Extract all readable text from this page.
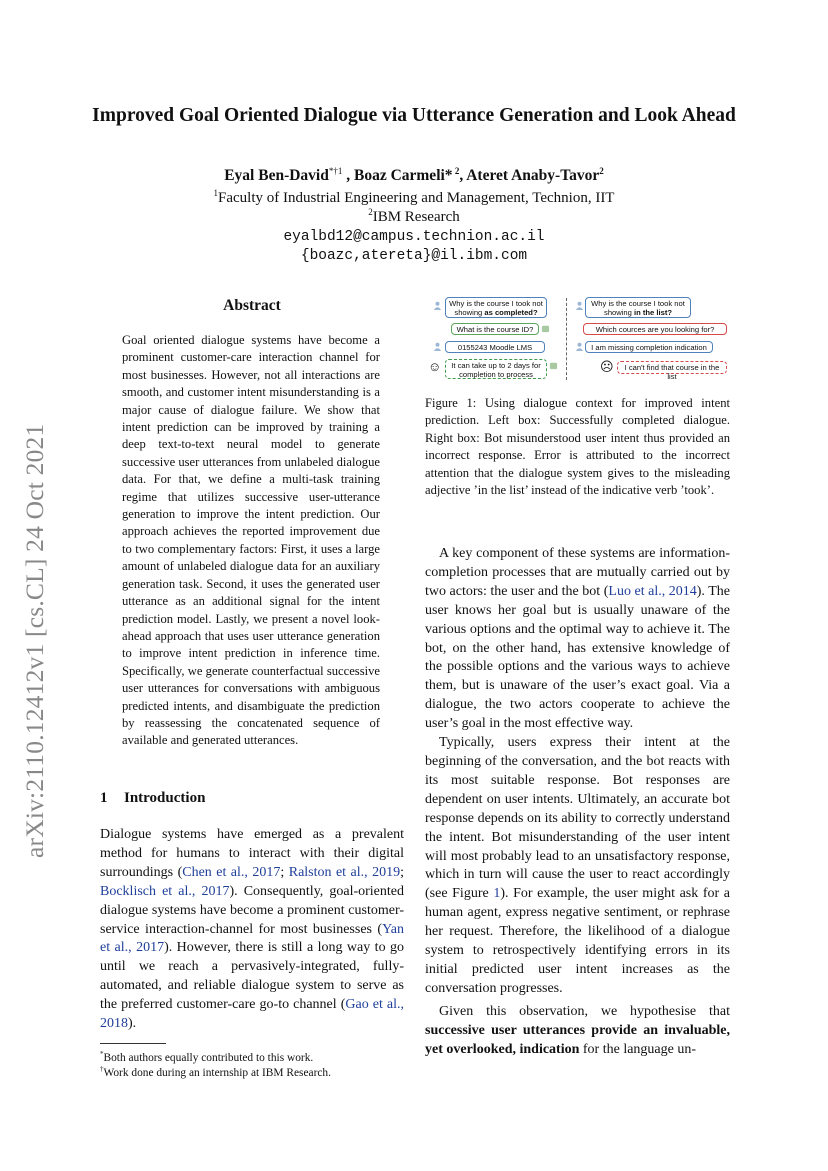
arXiv:2110.12412v1 [cs.CL] 24 Oct 2021
Improved Goal Oriented Dialogue via Utterance Generation and Look Ahead
Eyal Ben-David$^{*\dagger 1}$ , Boaz Carmeli* $^2$, Ateret Anaby-Tavor$^2$
$^1$Faculty of Industrial Engineering and Management, Technion, IIT
$^2$IBM Research
eyalbd12@campus.technion.ac.il
{boazc,atereta}@il.ibm.com
Abstract
Goal oriented dialogue systems have become a prominent customer-care interaction channel for most businesses. However, not all interactions are smooth, and customer intent misunderstanding is a major cause of dialogue failure. We show that intent prediction can be improved by training a deep text-to-text neural model to generate successive user utterances from unlabeled dialogue data. For that, we define a multi-task training regime that utilizes successive user-utterance generation to improve the intent prediction. Our approach achieves the reported improvement due to two complementary factors: First, it uses a large amount of unlabeled dialogue data for an auxiliary generation task. Second, it uses the generated user utterance as an additional signal for the intent prediction model. Lastly, we present a novel look-ahead approach that uses user utterance generation to improve intent prediction in inference time. Specifically, we generate counterfactual successive user utterances for conversations with ambiguous predicted intents, and disambiguate the prediction by reassessing the concatenated sequence of available and generated utterances.
1 Introduction
Dialogue systems have emerged as a prevalent method for humans to interact with their digital surroundings (Chen et al., 2017; Ralston et al., 2019; Bocklisch et al., 2017). Consequently, goal-oriented dialogue systems have become a prominent customer-service interaction-channel for most businesses (Yan et al., 2017). However, there is still a long way to go until we reach a pervasively-integrated, fully-automated, and reliable dialogue system to serve as the preferred customer-care go-to channel (Gao et al., 2018).
*Both authors equally contributed to this work.
†Work done during an internship at IBM Research.
Why is the course I took not showing as completed?
What is the course ID?
0155243 Moodle LMS
☺	It can take up to 2 days for completion to process
Why is the course I took not showing in the list?
Which cources are you looking for?
I am missing completion indication
☹	I can't find that course in the list
Figure 1: Using dialogue context for improved intent prediction. Left box: Successfully completed dialogue. Right box: Bot misunderstood user intent thus provided an incorrect response. Error is attributed to the incorrect attention that the dialogue system gives to the misleading adjective ’in the list’ instead of the indicative verb ’took’.

A key component of these systems are information-completion processes that are mutually carried out by two actors: the user and the bot (Luo et al., 2014). The user knows her goal but is usually unaware of the various options and the optimal way to achieve it. The bot, on the other hand, has extensive knowledge of the possible options and the various ways to achieve them, but is unaware of the user’s exact goal. Via a dialogue, the two actors cooperate to achieve the user’s goal in the most effective way.

Typically, users express their intent at the beginning of the conversation, and the bot reacts with its most suitable response. Bot responses are dependent on user intents. Ultimately, an accurate bot response depends on its ability to correctly understand the intent. Bot misunderstanding of the user intent will most probably lead to an unsatisfactory response, which in turn will cause the user to react accordingly (see Figure 1). For example, the user might ask for a human agent, express negative sentiment, or rephrase her request. Therefore, the likelihood of a dialogue system to retrospectively identifying errors in its initial predicted user intent increases as the conversation progresses.

Given this observation, we hypothesise that successive user utterances provide an invaluable, yet overlooked, indication for the language un-
